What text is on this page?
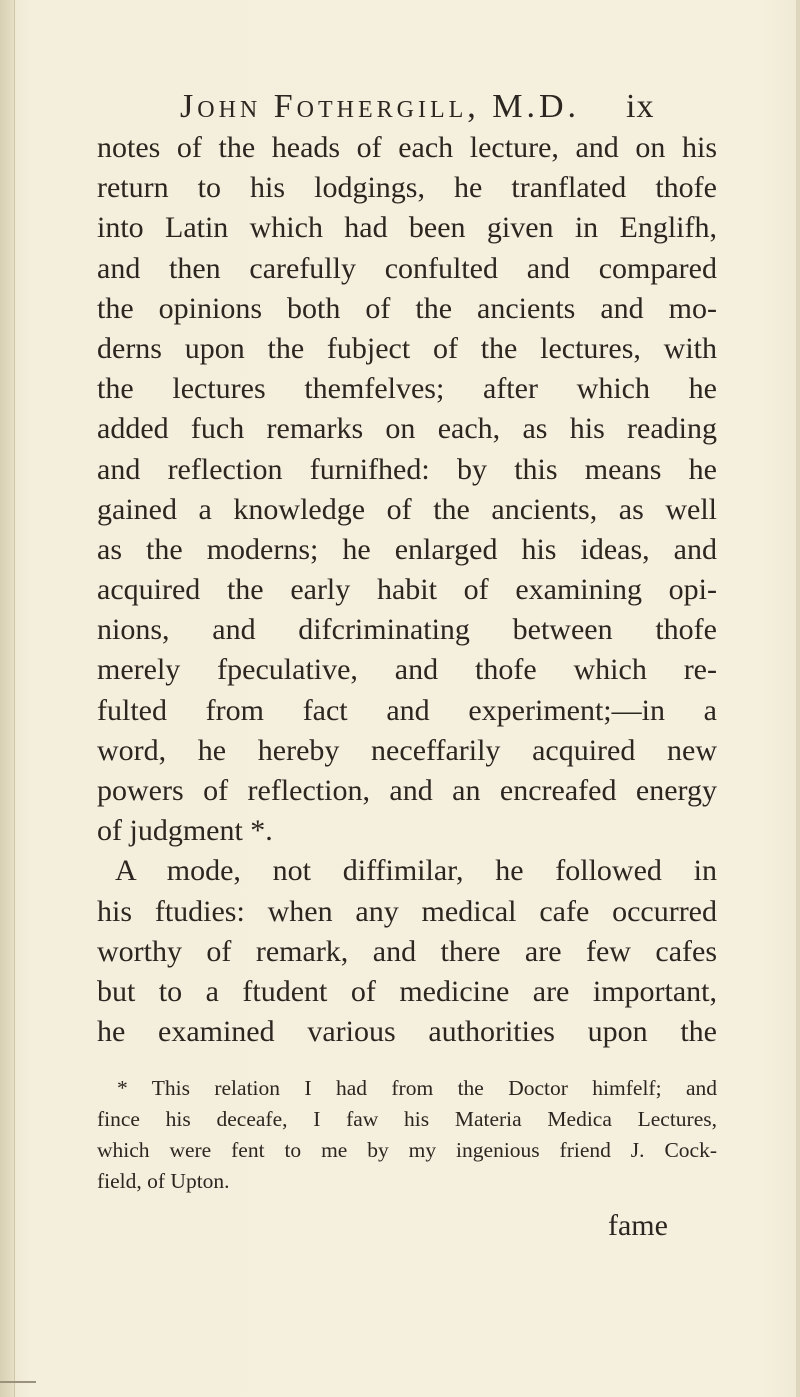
John Fothergill, M.D. ix
notes of the heads of each lecture, and on his
return to his lodgings, he tranflated thofe
into Latin which had been given in Englifh,
and then carefully confulted and compared
the opinions both of the ancients and mo-
derns upon the fubject of the lectures, with
the lectures themfelves; after which he
added fuch remarks on each, as his reading
and reflection furnifhed: by this means he
gained a knowledge of the ancients, as well
as the moderns; he enlarged his ideas, and
acquired the early habit of examining opi-
nions, and difcriminating between thofe
merely fpeculative, and thofe which re-
fulted from fact and experiment;—in a
word, he hereby neceffarily acquired new
powers of reflection, and an encreafed energy
of judgment *.
A mode, not diffimilar, he followed in
his ftudies: when any medical cafe occurred
worthy of remark, and there are few cafes
but to a ftudent of medicine are important,
he examined various authorities upon the
* This relation I had from the Doctor himfelf; and
fince his deceafe, I faw his Materia Medica Lectures,
which were fent to me by my ingenious friend J. Cock-
field, of Upton.
fame
